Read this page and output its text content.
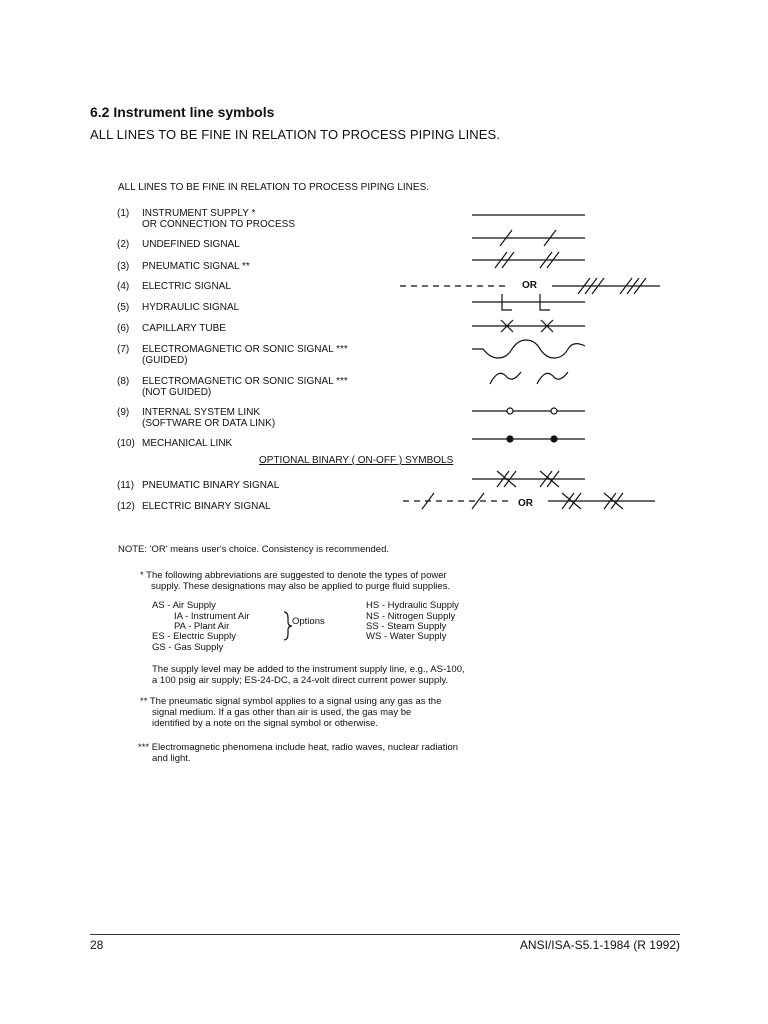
6.2 Instrument line symbols
ALL LINES TO BE FINE IN RELATION TO PROCESS PIPING LINES.
ALL LINES TO BE FINE IN RELATION TO PROCESS PIPING LINES.
(1)	INSTRUMENT SUPPLY *
OR CONNECTION TO PROCESS
(2)	UNDEFINED SIGNAL
(3)	PNEUMATIC SIGNAL **
(4)	ELECTRIC SIGNAL
(5)	HYDRAULIC SIGNAL
(6)	CAPILLARY TUBE
(7)	ELECTROMAGNETIC OR SONIC SIGNAL ***
(GUIDED)
(8)	ELECTROMAGNETIC OR SONIC SIGNAL ***
(NOT GUIDED)
(9)	INTERNAL SYSTEM LINK
(SOFTWARE OR DATA LINK)
(10) MECHANICAL LINK
OPTIONAL BINARY ( ON-OFF ) SYMBOLS
(11) PNEUMATIC BINARY SIGNAL
(12) ELECTRIC BINARY SIGNAL
OR
OR
NOTE: 'OR' means user's choice. Consistency is recommended.
* The following abbreviations are suggested to denote the types of power
supply. These designations may also be applied to purge fluid supplies.
AS - Air Supply
IA - Instrument Air
PA - Plant Air
ES - Electric Supply
GS - Gas Supply
Options
HS - Hydraulic Supply
NS - Nitrogen Supply
SS - Steam Supply
WS - Water Supply
The supply level may be added to the instrument supply line, e.g., AS-100,
a 100 psig air supply; ES-24-DC, a 24-volt direct current power supply.
** The pneumatic signal symbol applies to a signal using any gas as the
signal medium. If a gas other than air is used, the gas may be
identified by a note on the signal symbol or otherwise.
*** Electromagnetic phenomena include heat, radio waves, nuclear radiation
and light.
28	ANSI/ISA-S5.1-1984 (R 1992)
